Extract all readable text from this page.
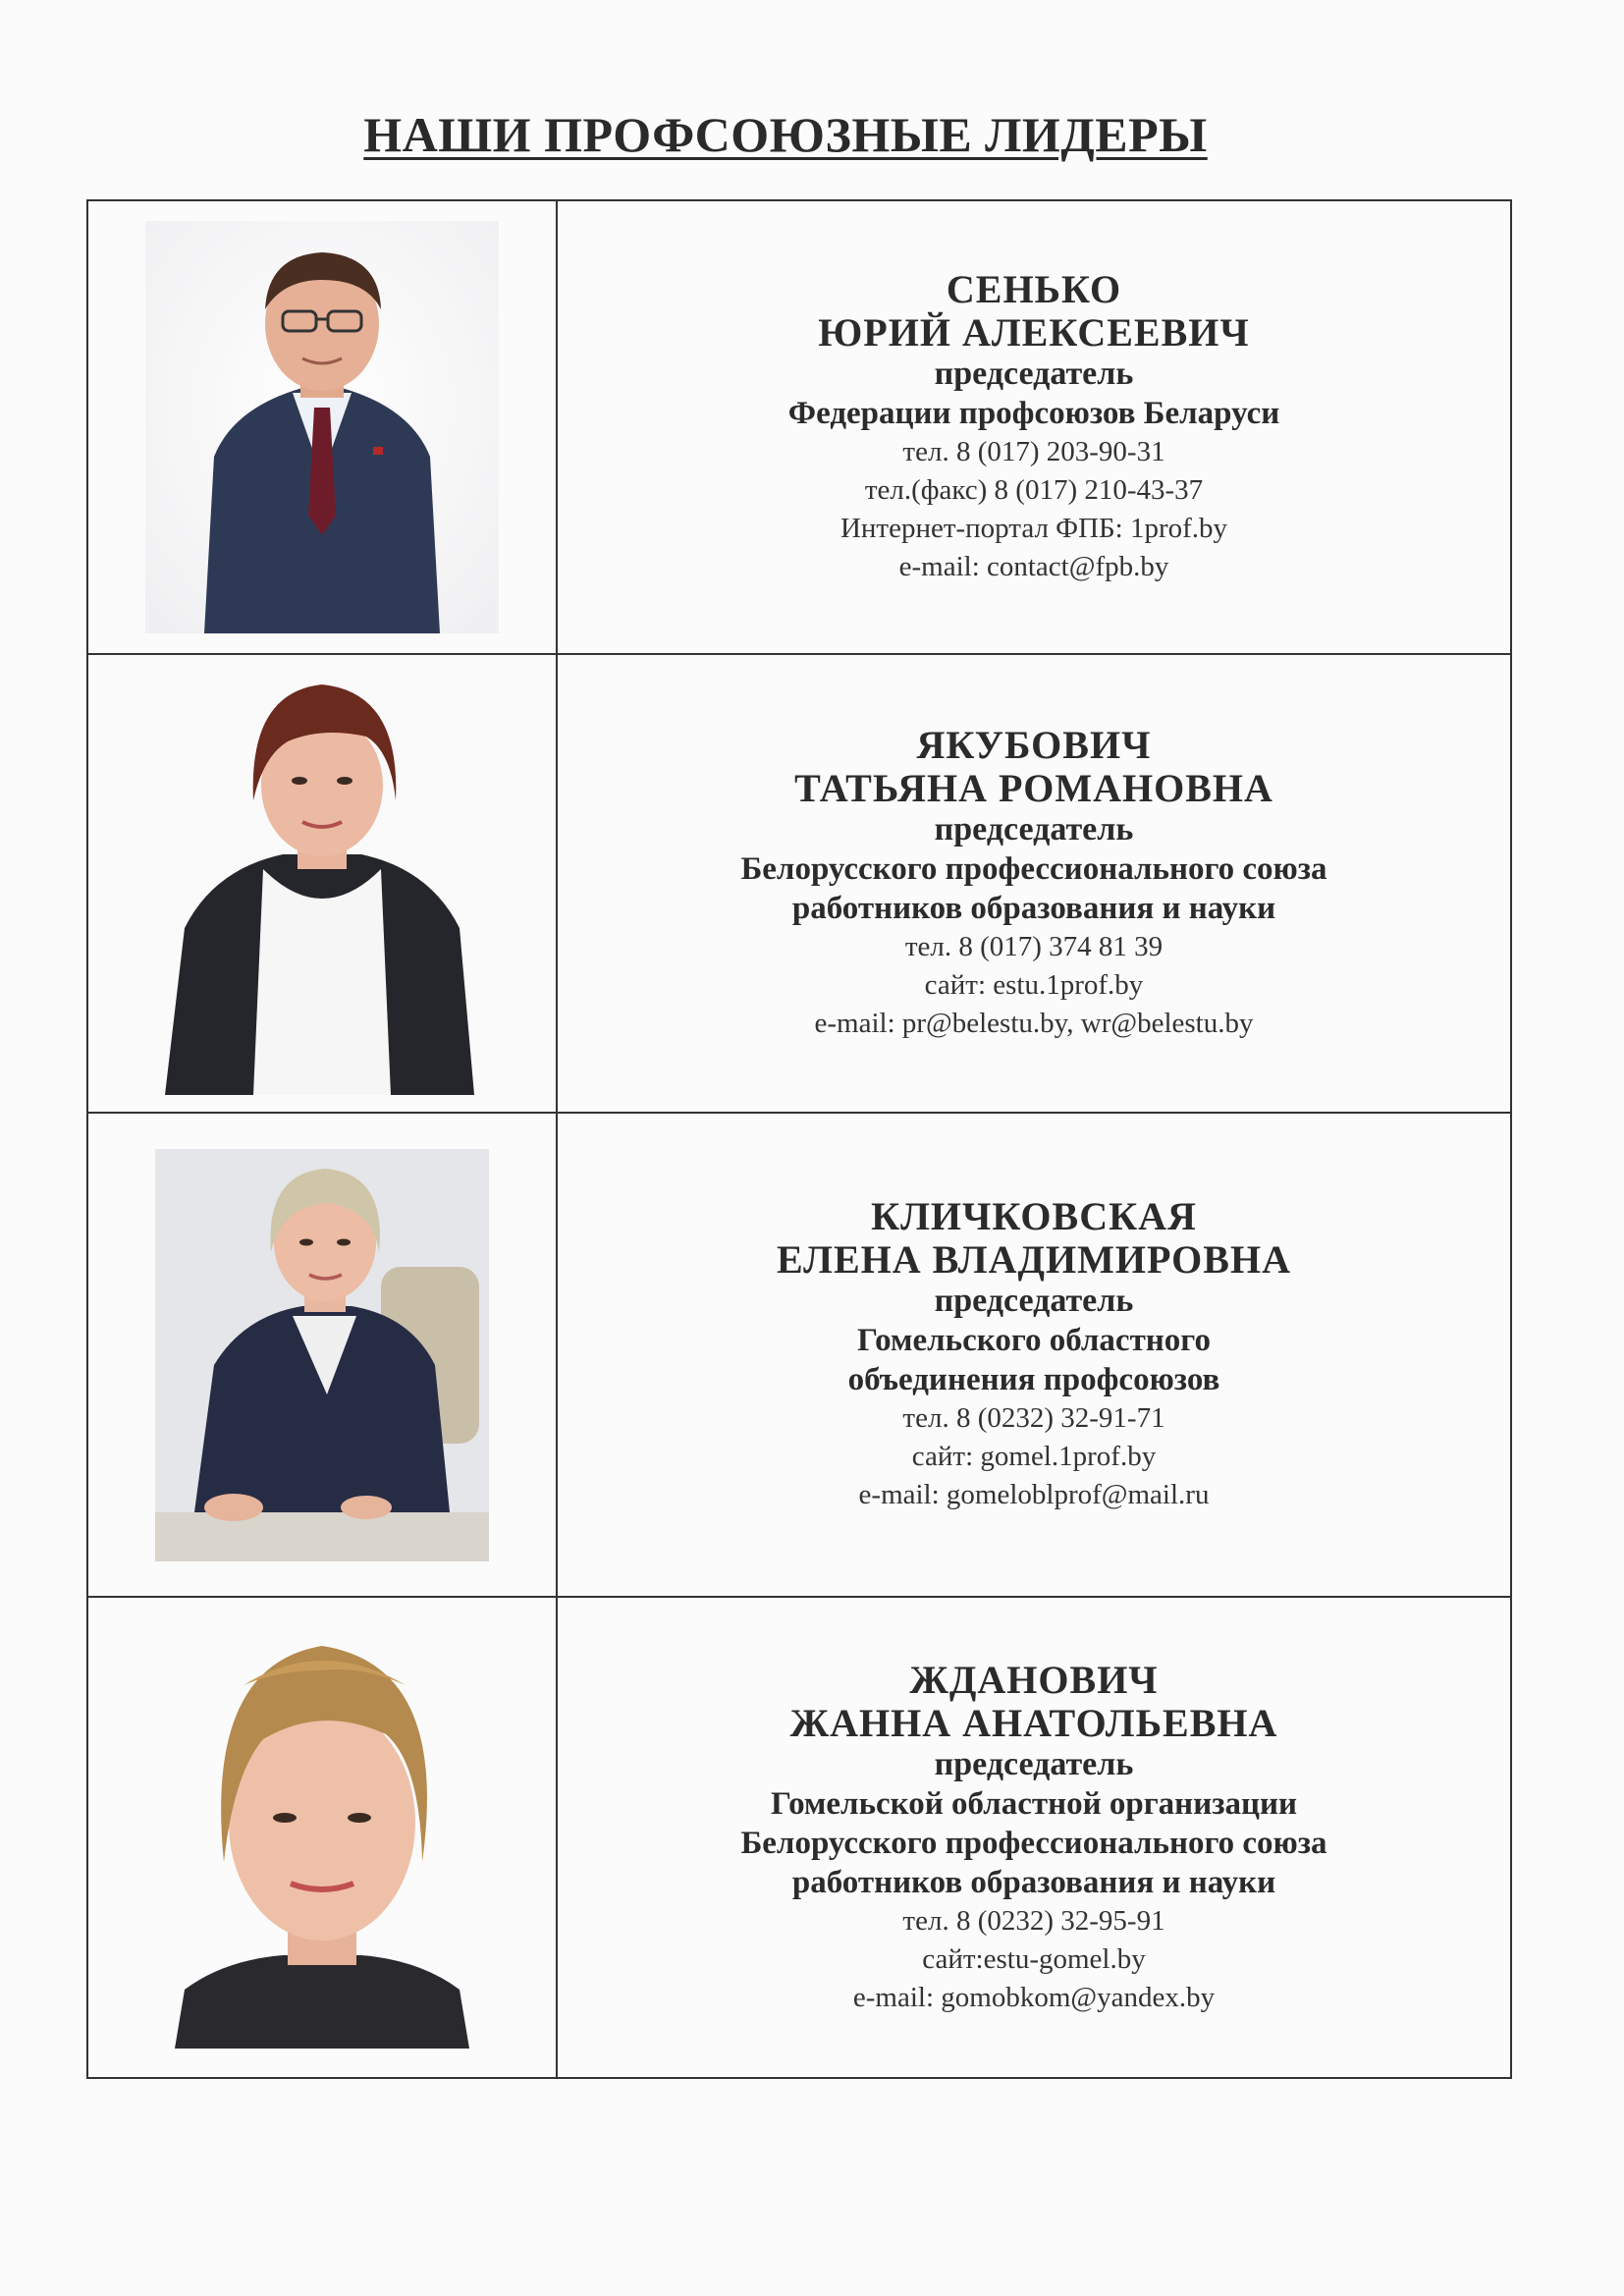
НАШИ ПРОФСОЮЗНЫЕ ЛИДЕРЫ
СЕНЬКО
ЮРИЙ АЛЕКСЕЕВИЧ
председатель
Федерации профсоюзов Беларуси
тел. 8 (017) 203-90-31
тел.(факс) 8 (017) 210-43-37
Интернет-портал ФПБ: 1prof.by
e-mail: contact@fpb.by
ЯКУБОВИЧ
ТАТЬЯНА РОМАНОВНА
председатель
Белорусского профессионального союза
работников образования и науки
тел. 8 (017) 374 81 39
сайт: estu.1prof.by
e-mail: pr@belestu.by, wr@belestu.by
КЛИЧКОВСКАЯ
ЕЛЕНА ВЛАДИМИРОВНА
председатель
Гомельского областного
объединения профсоюзов
тел. 8 (0232) 32-91-71
сайт: gomel.1prof.by
e-mail: gomeloblprof@mail.ru
ЖДАНОВИЧ
ЖАННА АНАТОЛЬЕВНА
председатель
Гомельской областной организации
Белорусского профессионального союза
работников образования и науки
тел. 8 (0232) 32-95-91
сайт:estu-gomel.by
e-mail: gomobkom@yandex.by
